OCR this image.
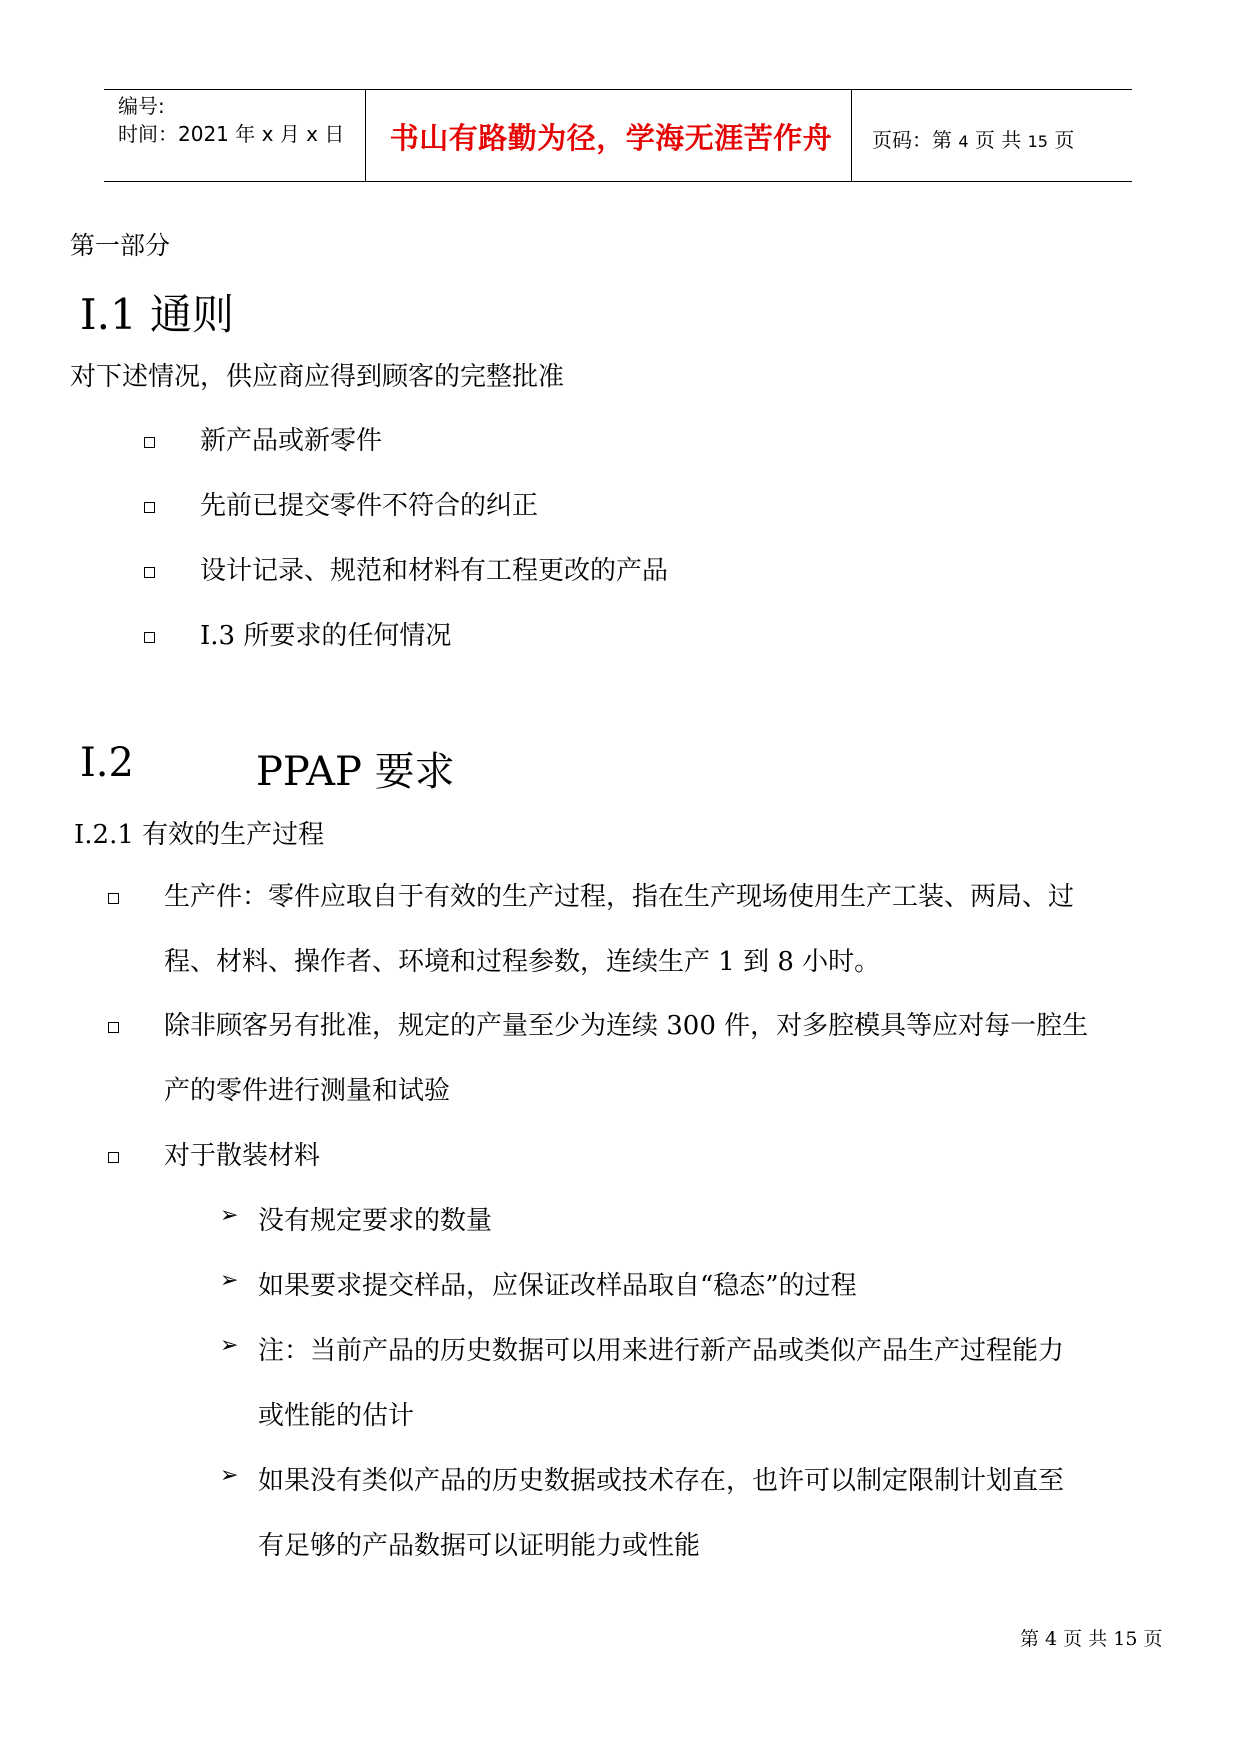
编号:
时间：2021 年 x 月 x 日	书山有路勤为径，学海无涯苦作舟	页码：第 4 页 共 15 页
第一部分
Ⅰ.1 通则
对下述情况，供应商应得到顾客的完整批准
新产品或新零件
先前已提交零件不符合的纠正
设计记录、规范和材料有工程更改的产品
Ⅰ.3 所要求的任何情况
Ⅰ.2	PPAP 要求
Ⅰ.2.1 有效的生产过程
生产件：零件应取自于有效的生产过程，指在生产现场使用生产工装、两局、过
程、材料、操作者、环境和过程参数，连续生产 1 到 8 小时。
除非顾客另有批准，规定的产量至少为连续 300 件，对多腔模具等应对每一腔生
产的零件进行测量和试验
对于散装材料
➢ 没有规定要求的数量
➢ 如果要求提交样品，应保证改样品取自“稳态”的过程
➢ 注：当前产品的历史数据可以用来进行新产品或类似产品生产过程能力
或性能的估计
➢ 如果没有类似产品的历史数据或技术存在，也许可以制定限制计划直至
有足够的产品数据可以证明能力或性能
第 4 页 共 15 页
